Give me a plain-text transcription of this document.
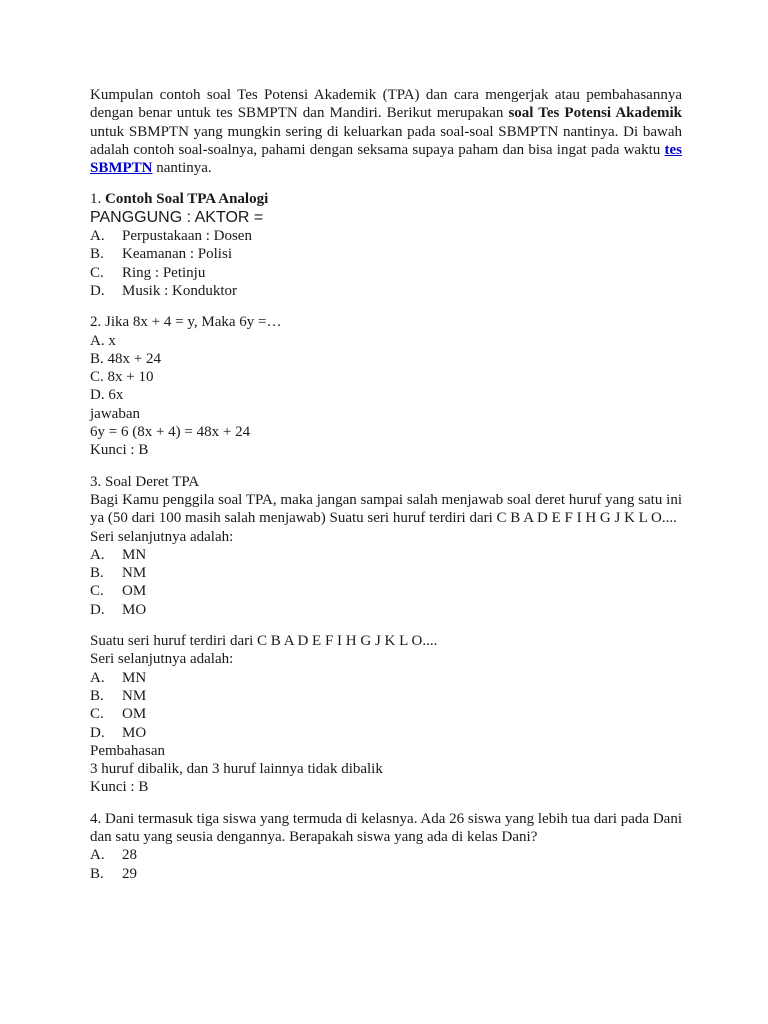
Kumpulan contoh soal Tes Potensi Akademik (TPA) dan cara mengerjak atau pembahasannya dengan benar untuk tes SBMPTN dan Mandiri. Berikut merupakan soal Tes Potensi Akademik untuk SBMPTN yang mungkin sering di keluarkan pada soal-soal SBMPTN nantinya. Di bawah adalah contoh soal-soalnya, pahami dengan seksama supaya paham dan bisa ingat pada waktu tes SBMPTN nantinya.

1. Contoh Soal TPA Analogi
PANGGUNG : AKTOR =
A. Perpustakaan : Dosen
B. Keamanan : Polisi
C. Ring : Petinju
D. Musik : Konduktor
2. Jika 8x + 4 = y, Maka 6y =…
A. x
B. 48x + 24
C. 8x + 10
D. 6x
jawaban
6y = 6 (8x + 4) = 48x + 24
Kunci : B
3. Soal Deret TPA

Bagi Kamu penggila soal TPA, maka jangan sampai salah menjawab soal deret huruf yang satu ini ya (50 dari 100 masih salah menjawab) Suatu seri huruf terdiri dari C B A D E F I H G J K L O....

Seri selanjutnya adalah:
A. MN
B. NM
C. OM
D. MO
Suatu seri huruf terdiri dari C B A D E F I H G J K L O....
Seri selanjutnya adalah:
A. MN
B. NM
C. OM
D. MO
Pembahasan
3 huruf dibalik, dan 3 huruf lainnya tidak dibalik
Kunci : B

4. Dani termasuk tiga siswa yang termuda di kelasnya. Ada 26 siswa yang lebih tua dari pada Dani dan satu yang seusia dengannya. Berapakah siswa yang ada di kelas Dani?

A. 28
B. 29
